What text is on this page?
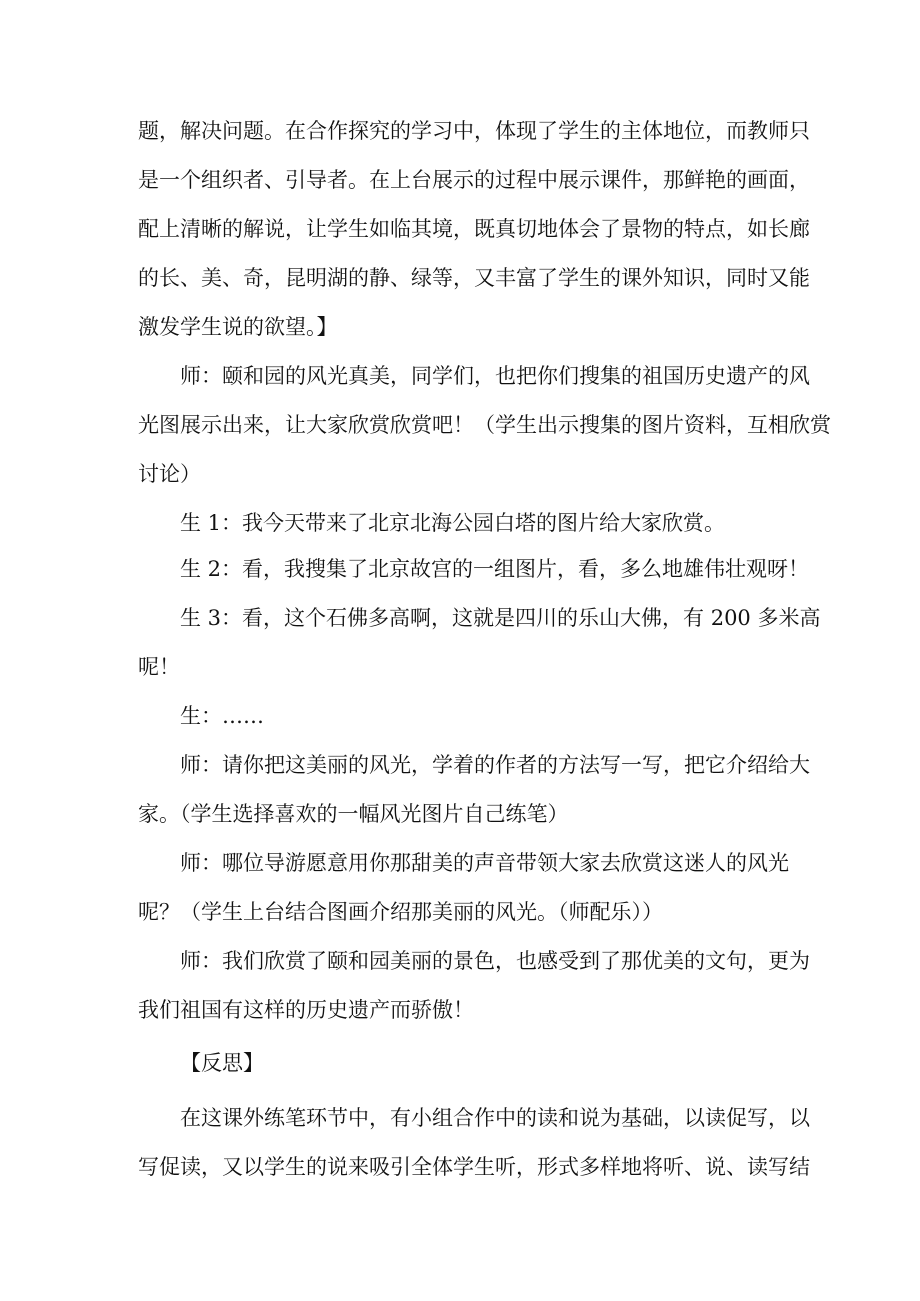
题，解决问题。在合作探究的学习中，体现了学生的主体地位，而教师只
是一个组织者、引导者。在上台展示的过程中展示课件，那鲜艳的画面，
配上清晰的解说，让学生如临其境，既真切地体会了景物的特点，如长廊
的长、美、奇，昆明湖的静、绿等，又丰富了学生的课外知识，同时又能
激发学生说的欲望。】
师：颐和园的风光真美，同学们，也把你们搜集的祖国历史遗产的风
光图展示出来，让大家欣赏欣赏吧！（学生出示搜集的图片资料，互相欣赏
讨论）
生 1：我今天带来了北京北海公园白塔的图片给大家欣赏。
生 2：看，我搜集了北京故宫的一组图片，看，多么地雄伟壮观呀！
生 3：看，这个石佛多高啊，这就是四川的乐山大佛，有 200 多米高
呢！
生：……
师：请你把这美丽的风光，学着的作者的方法写一写，把它介绍给大
家。（学生选择喜欢的一幅风光图片自己练笔）
师：哪位导游愿意用你那甜美的声音带领大家去欣赏这迷人的风光
呢？（学生上台结合图画介绍那美丽的风光。（师配乐））
师：我们欣赏了颐和园美丽的景色，也感受到了那优美的文句，更为
我们祖国有这样的历史遗产而骄傲！
【反思】
在这课外练笔环节中，有小组合作中的读和说为基础，以读促写，以
写促读，又以学生的说来吸引全体学生听，形式多样地将听、说、读写结
